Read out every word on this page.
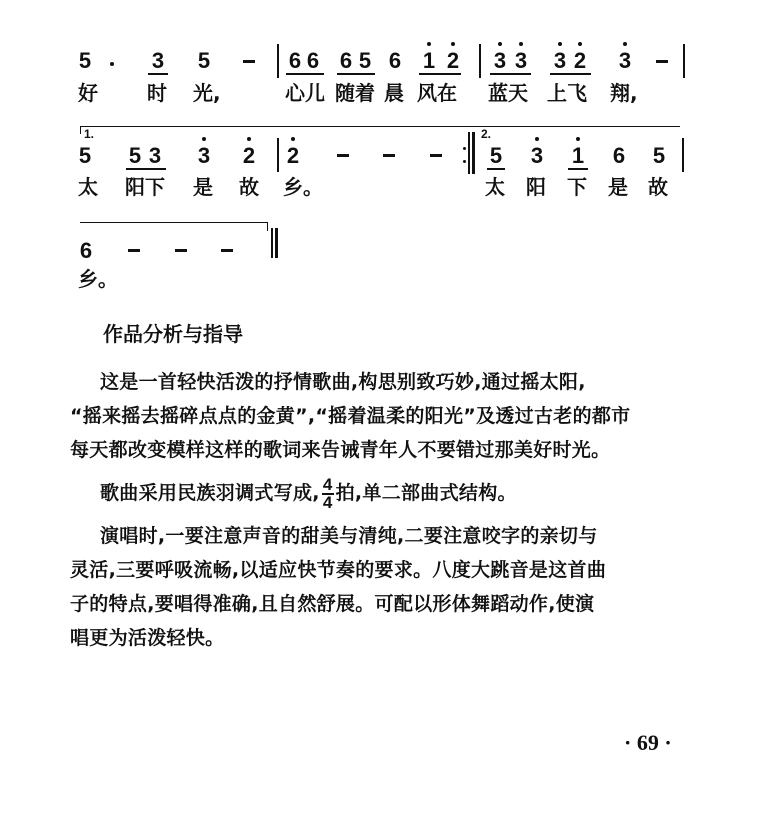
5	3 5	6 6 6 5 6 1 2 3 3 3 2 3
好 时 光,	心儿 随着 晨 风在 蓝天 上飞 翔,
1.
5 5 3 3 2 2
2.
5 3 1 6 5
太 阳下 是 故 乡。	太 阳 下 是 故
6
乡。
作品分析与指导
这是一首轻快活泼的抒情歌曲,构思别致巧妙,通过摇太阳,
“摇来摇去摇碎点点的金黄”,“摇着温柔的阳光”及透过古老的都市
每天都改变模样这样的歌词来告诫青年人不要错过那美好时光。
歌曲采用民族羽调式写成, $\frac{4}{4}$ 拍,单二部曲式结构。
演唱时,一要注意声音的甜美与清纯,二要注意咬字的亲切与
灵活,三要呼吸流畅,以适应快节奏的要求。八度大跳音是这首曲
子的特点,要唱得准确,且自然舒展。可配以形体舞蹈动作,使演
唱更为活泼轻快。
· 69 ·
